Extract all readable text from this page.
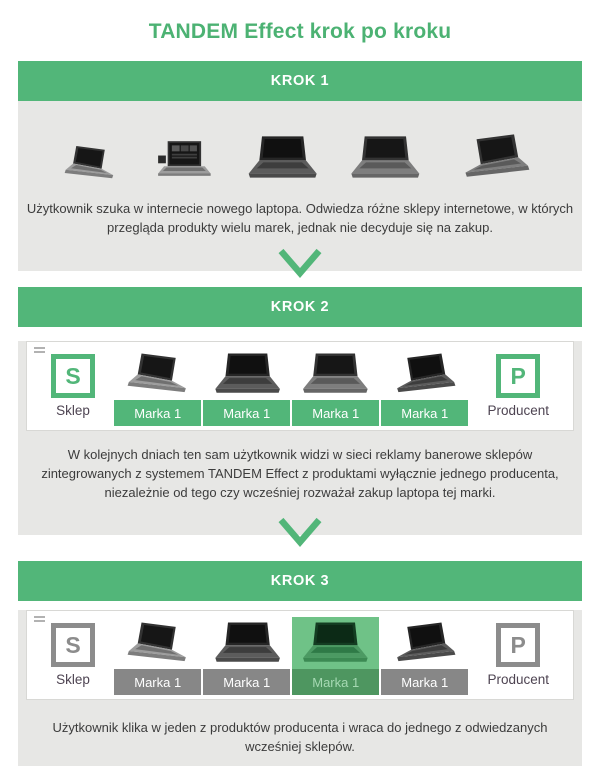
TANDEM Effect krok po kroku
KROK 1

Użytkownik szuka w internecie nowego laptopa. Odwiedza różne sklepy internetowe, w których przegląda produkty wielu marek, jednak nie decyduje się na zakup.

KROK 2
S
Sklep	Marka 1	Marka 1	Marka 1	Marka 1
P
Producent

W kolejnych dniach ten sam użytkownik widzi w sieci reklamy banerowe sklepów zintegrowanych z systemem TANDEM Effect z produktami wyłącznie jednego producenta, niezależnie od tego czy wcześniej rozważał zakup laptopa tej marki.

KROK 3
S
Sklep	Marka 1	Marka 1	Marka 1	Marka 1
P
Producent

Użytkownik klika w jeden z produktów producenta i wraca do jednego z odwiedzanych wcześniej sklepów.
